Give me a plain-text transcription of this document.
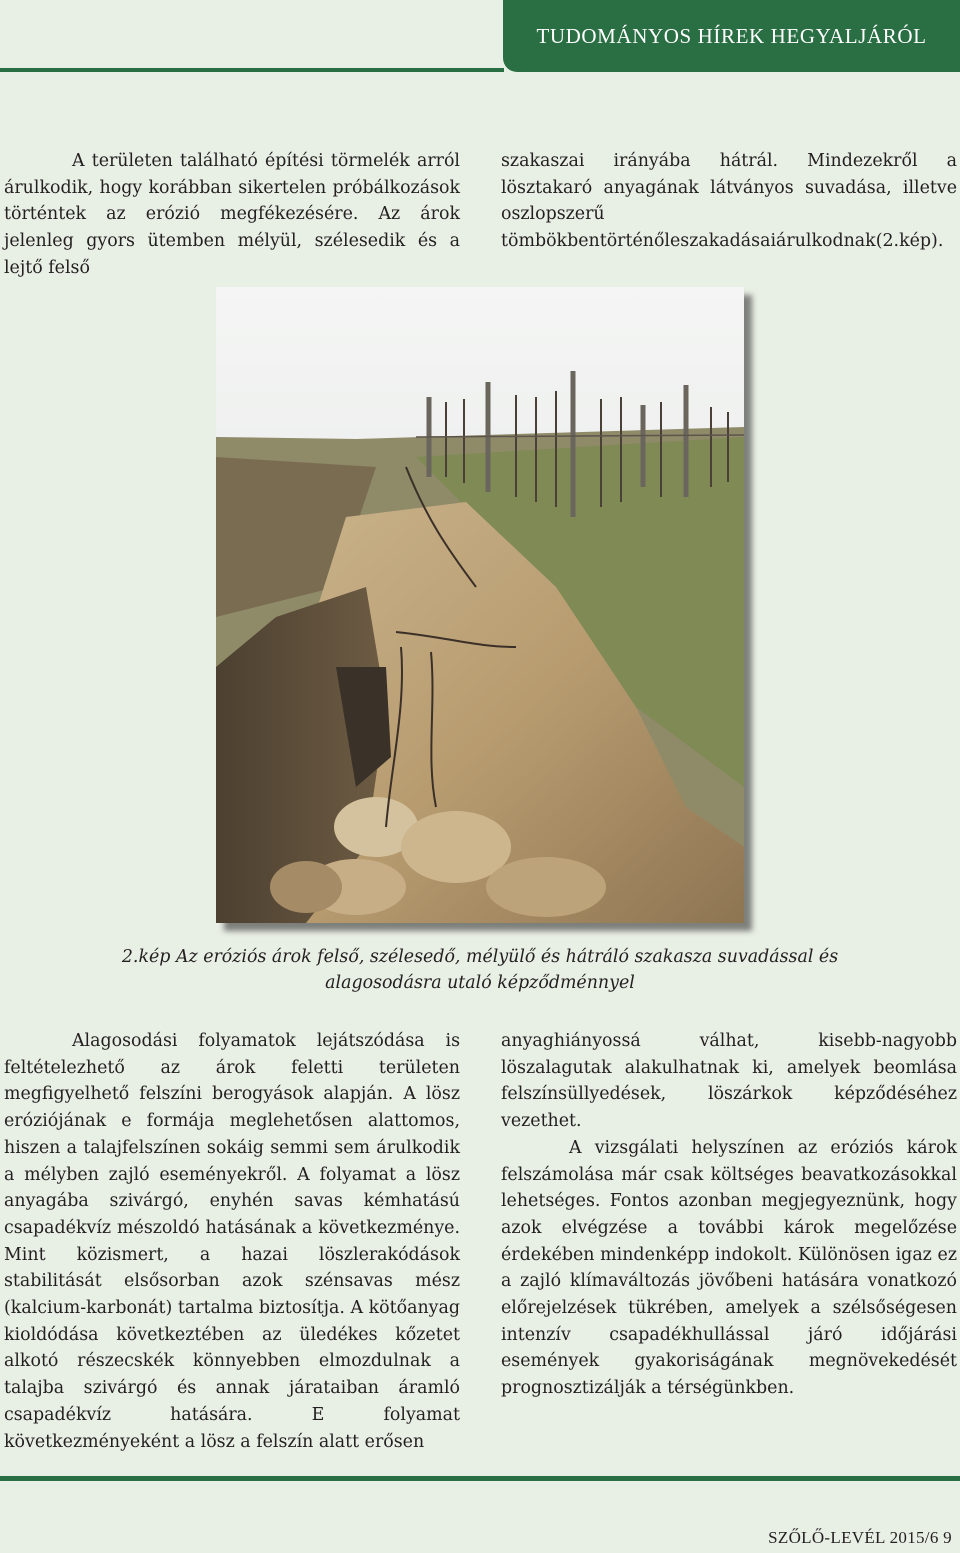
TUDOMÁNYOS HÍREK HEGYALJÁRÓL

A területen található építési törmelék arról árulkodik, hogy korábban sikertelen próbálkozások történtek az erózió megfékezésére. Az árok jelenleg gyors ütemben mélyül, szélesedik és a lejtő felső

szakaszai irányába hátrál. Mindezekről a lösztakaró anyagának látványos suvadása, illetve oszlopszerű tömbökbentörténőleszakadásaiárulkodnak(2.kép).

2.kép Az eróziós árok felső, szélesedő, mélyülő és hátráló szakasza suvadással és
alagosodásra utaló képződménnyel

Alagosodási folyamatok lejátszódása is feltételezhető az árok feletti területen megfigyelhető felszíni berogyások alapján. A lösz eróziójának e formája meglehetősen alattomos, hiszen a talajfelszínen sokáig semmi sem árulkodik a mélyben zajló eseményekről. A folyamat a lösz anyagába szivárgó, enyhén savas kémhatású csapadékvíz mészoldó hatásának a következménye. Mint közismert, a hazai löszlerakódások stabilitását elsősorban azok szénsavas mész (kalcium-karbonát) tartalma biztosítja. A kötőanyag kioldódása következtében az üledékes kőzetet alkotó részecskék könnyebben elmozdulnak a talajba szivárgó és annak járataiban áramló csapadékvíz hatására. E folyamat következményeként a lösz a felszín alatt erősen

anyaghiányossá válhat, kisebb-nagyobb löszalagutak alakulhatnak ki, amelyek beomlása felszínsüllyedések, löszárkok képződéséhez vezethet.

A vizsgálati helyszínen az eróziós károk felszámolása már csak költséges beavatkozásokkal lehetséges. Fontos azonban megjegyeznünk, hogy azok elvégzése a további károk megelőzése érdekében mindenképp indokolt. Különösen igaz ez a zajló klímaváltozás jövőbeni hatására vonatkozó előrejelzések tükrében, amelyek a szélsőségesen intenzív csapadékhullással járó időjárási események gyakoriságának megnövekedését prognosztizálják a térségünkben.

SZŐLŐ-LEVÉL 2015/6 9
